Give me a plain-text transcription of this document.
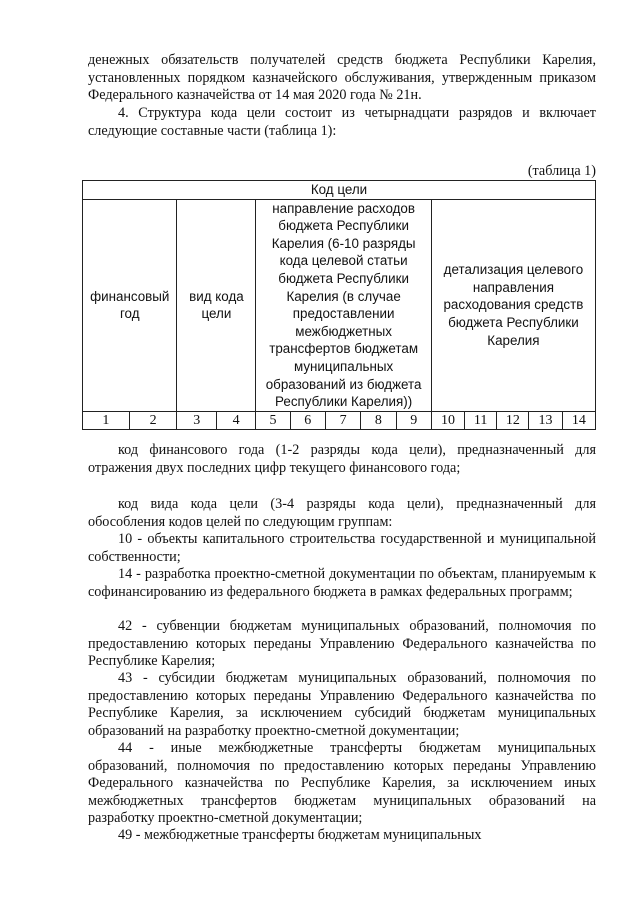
денежных обязательств получателей средств бюджета Республики Карелия, установленных порядком казначейского обслуживания, утвержденным приказом Федерального казначейства от 14 мая 2020 года № 21н.
4. Структура кода цели состоит из четырнадцати разрядов и включает следующие составные части (таблица 1):
(таблица 1)
Код цели													
финансовый год		вид кода цели		направление расходов бюджета Республики Карелия (6-10 разряды кода целевой статьи бюджета Республики Карелия (в случае предоставлении межбюджетных трансфертов бюджетам муниципальных образований из бюджета Республики Карелия))					детализация целевого направления расходования средств бюджета Республики Карелия				
1	2	3	4	5	6	7	8	9	10	11	12	13	14
код финансового года (1-2 разряды кода цели), предназначенный для отражения двух последних цифр текущего финансового года;
код вида кода цели (3-4 разряды кода цели), предназначенный для обособления кодов целей по следующим группам:
10 - объекты капитального строительства государственной и муниципальной собственности;
14 - разработка проектно-сметной документации по объектам, планируемым к софинансированию из федерального бюджета в рамках федеральных программ;
42 - субвенции бюджетам муниципальных образований, полномочия по предоставлению которых переданы Управлению Федерального казначейства по Республике Карелия;
43 - субсидии бюджетам муниципальных образований, полномочия по предоставлению которых переданы Управлению Федерального казначейства по Республике Карелия, за исключением субсидий бюджетам муниципальных образований на разработку проектно-сметной документации;
44 - иные межбюджетные трансферты бюджетам муниципальных образований, полномочия по предоставлению которых переданы Управлению Федерального казначейства по Республике Карелия, за исключением иных межбюджетных трансфертов бюджетам муниципальных образований на разработку проектно-сметной документации;
49 - межбюджетные трансферты бюджетам муниципальных
